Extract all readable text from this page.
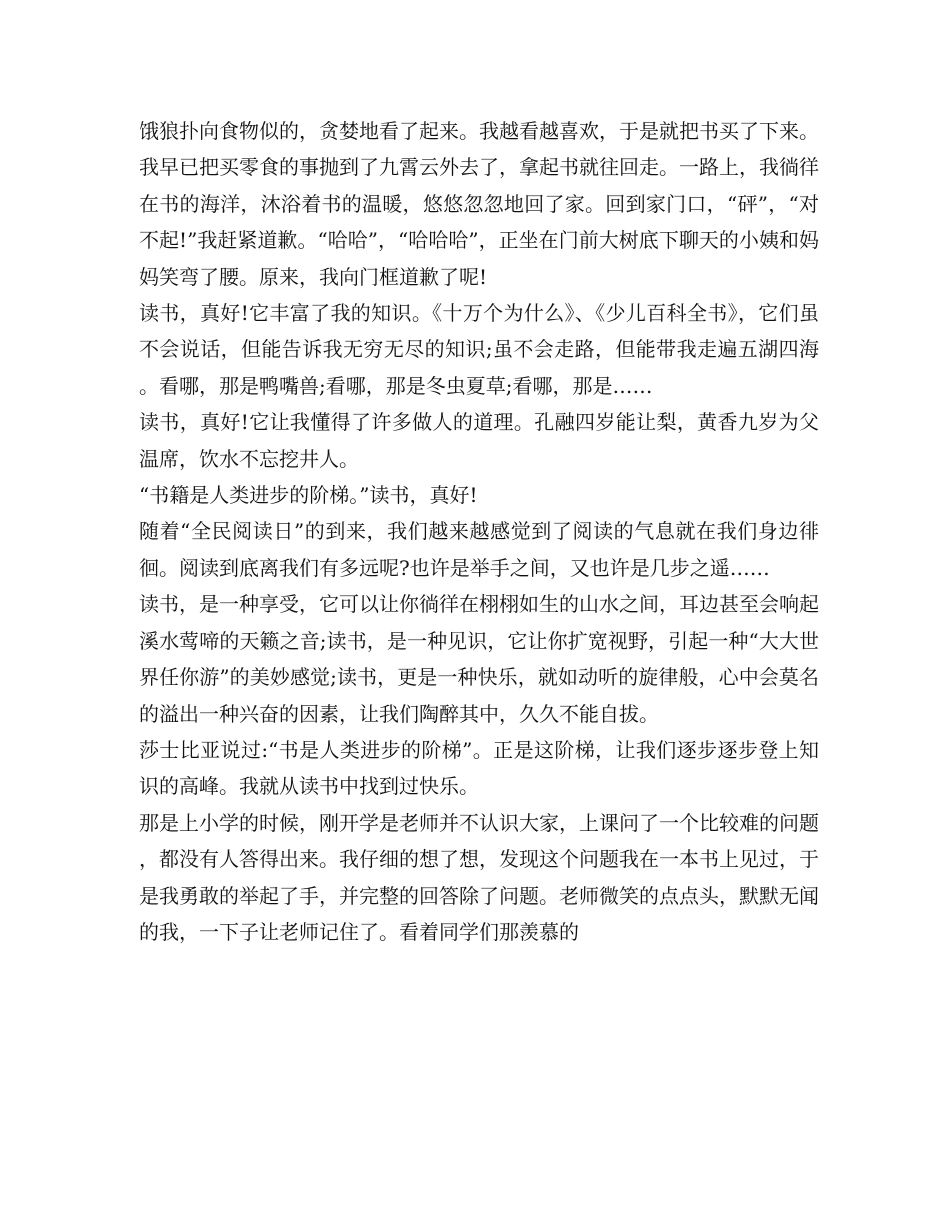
饿狼扑向食物似的，贪婪地看了起来。我越看越喜欢，于是就把书买了下来。我早已把买零食的事抛到了九霄云外去了，拿起书就往回走。一路上，我徜徉在书的海洋，沐浴着书的温暖，悠悠忽忽地回了家。回到家门口，“砰”，“对不起!”我赶紧道歉。“哈哈”，“哈哈哈”，正坐在门前大树底下聊天的小姨和妈妈笑弯了腰。原来，我向门框道歉了呢!

读书，真好!它丰富了我的知识。《十万个为什么》、《少儿百科全书》，它们虽不会说话，但能告诉我无穷无尽的知识;虽不会走路，但能带我走遍五湖四海。看哪，那是鸭嘴兽;看哪，那是冬虫夏草;看哪，那是……

读书，真好!它让我懂得了许多做人的道理。孔融四岁能让梨，黄香九岁为父温席，饮水不忘挖井人。

“书籍是人类进步的阶梯。”读书，真好!

随着“全民阅读日”的到来，我们越来越感觉到了阅读的气息就在我们身边徘徊。阅读到底离我们有多远呢?也许是举手之间，又也许是几步之遥……

读书，是一种享受，它可以让你徜徉在栩栩如生的山水之间，耳边甚至会响起溪水莺啼的天籁之音;读书，是一种见识，它让你扩宽视野，引起一种“大大世界任你游”的美妙感觉;读书，更是一种快乐，就如动听的旋律般，心中会莫名的溢出一种兴奋的因素，让我们陶醉其中，久久不能自拔。

莎士比亚说过:“书是人类进步的阶梯”。正是这阶梯，让我们逐步逐步登上知识的高峰。我就从读书中找到过快乐。

那是上小学的时候，刚开学是老师并不认识大家，上课问了一个比较难的问题，都没有人答得出来。我仔细的想了想，发现这个问题我在一本书上见过，于是我勇敢的举起了手，并完整的回答除了问题。老师微笑的点点头，默默无闻的我，一下子让老师记住了。看着同学们那羡慕的
